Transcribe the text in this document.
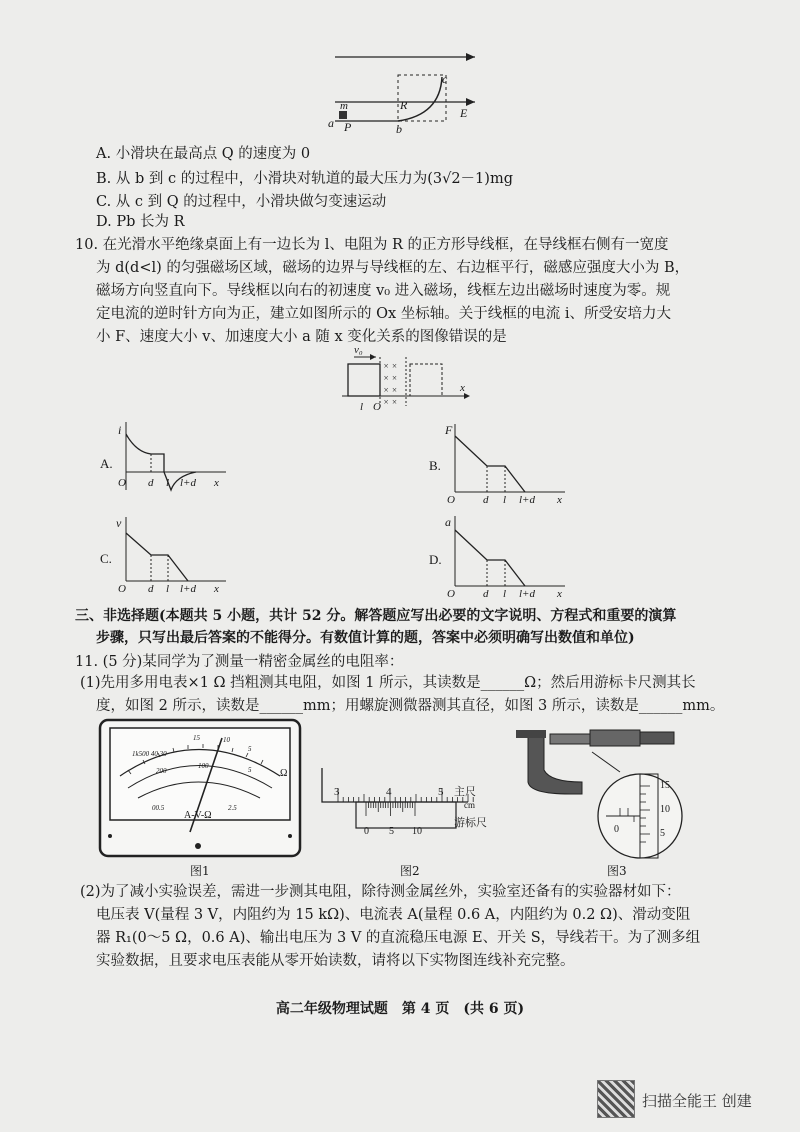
c
R
m
a P	b
E
A. 小滑块在最高点 Q 的速度为 0
B. 从 b 到 c 的过程中，小滑块对轨道的最大压力为(3√2－1)mg
C. 从 c 到 Q 的过程中，小滑块做匀变速运动
D. Pb 长为 R
10. 在光滑水平绝缘桌面上有一边长为 l、电阻为 R 的正方形导线框，在导线框右侧有一宽度
为 d(d<l) 的匀强磁场区域，磁场的边界与导线框的左、右边框平行，磁感应强度大小为 B，
磁场方向竖直向下。导线框以向右的初速度 v₀ 进入磁场，线框左边出磁场时速度为零。规
定电流的逆时针方向为正，建立如图所示的 Ox 坐标轴。关于线框的电流 i、所受安培力大
小 F、速度大小 v、加速度大小 a 随 x 变化关系的图像错误的是
v₀
× ×
× ×
× ×
× ×
x
l O
A.
i
O d l l+d x
B.
F
O	d l l+d x
C.
v
O d l l+d x
D.
a
O	d l l+d x
三、非选择题(本题共 5 小题，共计 52 分。解答题应写出必要的文字说明、方程式和重要的演算
步骤，只写出最后答案的不能得分。有数值计算的题，答案中必须明确写出数值和单位)
11. (5 分)某同学为了测量一精密金属丝的电阻率：
(1)先用多用电表×1 Ω 挡粗测其电阻，如图 1 所示，其读数是______Ω；然后用游标卡尺测其长
度，如图 2 所示，读数是______mm；用螺旋测微器测其直径，如图 3 所示，读数是______mm。
1k500 40 30
15	10
5
200
100	5
00.5	2.5
Ω
A-V-Ω
图1
3	4	5 主尺
cm
0 5 10
游标尺
图2
15
10
5
0
图3
(2)为了减小实验误差，需进一步测其电阻，除待测金属丝外，实验室还备有的实验器材如下：
电压表 V(量程 3 V，内阻约为 15 kΩ)、电流表 A(量程 0.6 A，内阻约为 0.2 Ω)、滑动变阻
器 R₁(0～5 Ω，0.6 A)、输出电压为 3 V 的直流稳压电源 E、开关 S，导线若干。为了测多组
实验数据，且要求电压表能从零开始读数，请将以下实物图连线补充完整。
高二年级物理试题　第 4 页　(共 6 页)
扫描全能王 创建
